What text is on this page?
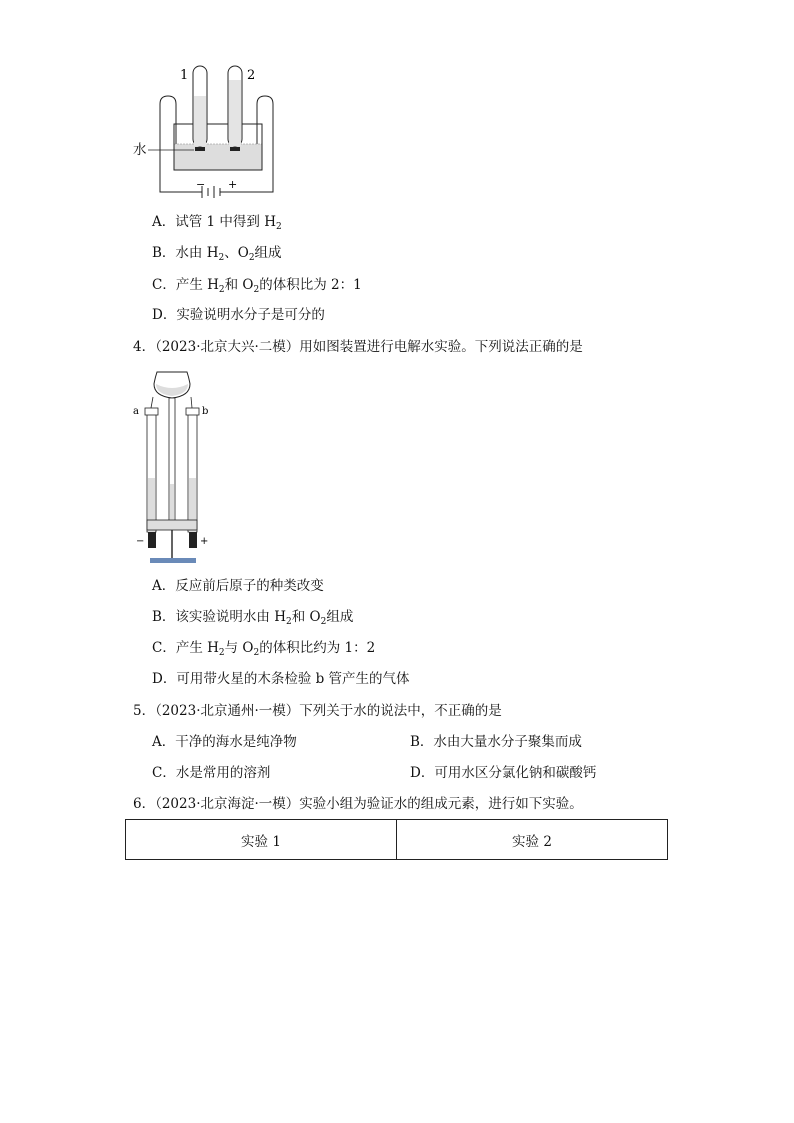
1	2
− +
水
A．试管 1 中得到 $H_2$
B．水由 $H_2$、$O_2$组成
C．产生 $H_2$和 $O_2$的体积比为 2：1
D．实验说明水分子是可分的
4．（2023·北京大兴·二模）用如图装置进行电解水实验。下列说法正确的是
a	b
−	+
A．反应前后原子的种类改变
B．该实验说明水由 $H_2$和 $O_2$组成
C．产生 $H_2$与 $O_2$的体积比约为 1：2
D．可用带火星的木条检验 b 管产生的气体
5．（2023·北京通州·一模）下列关于水的说法中，不正确的是
A．干净的海水是纯净物	B．水由大量水分子聚集而成
C．水是常用的溶剂	D．可用水区分氯化钠和碳酸钙
6．（2023·北京海淀·一模）实验小组为验证水的组成元素，进行如下实验。
实验 1	实验 2
